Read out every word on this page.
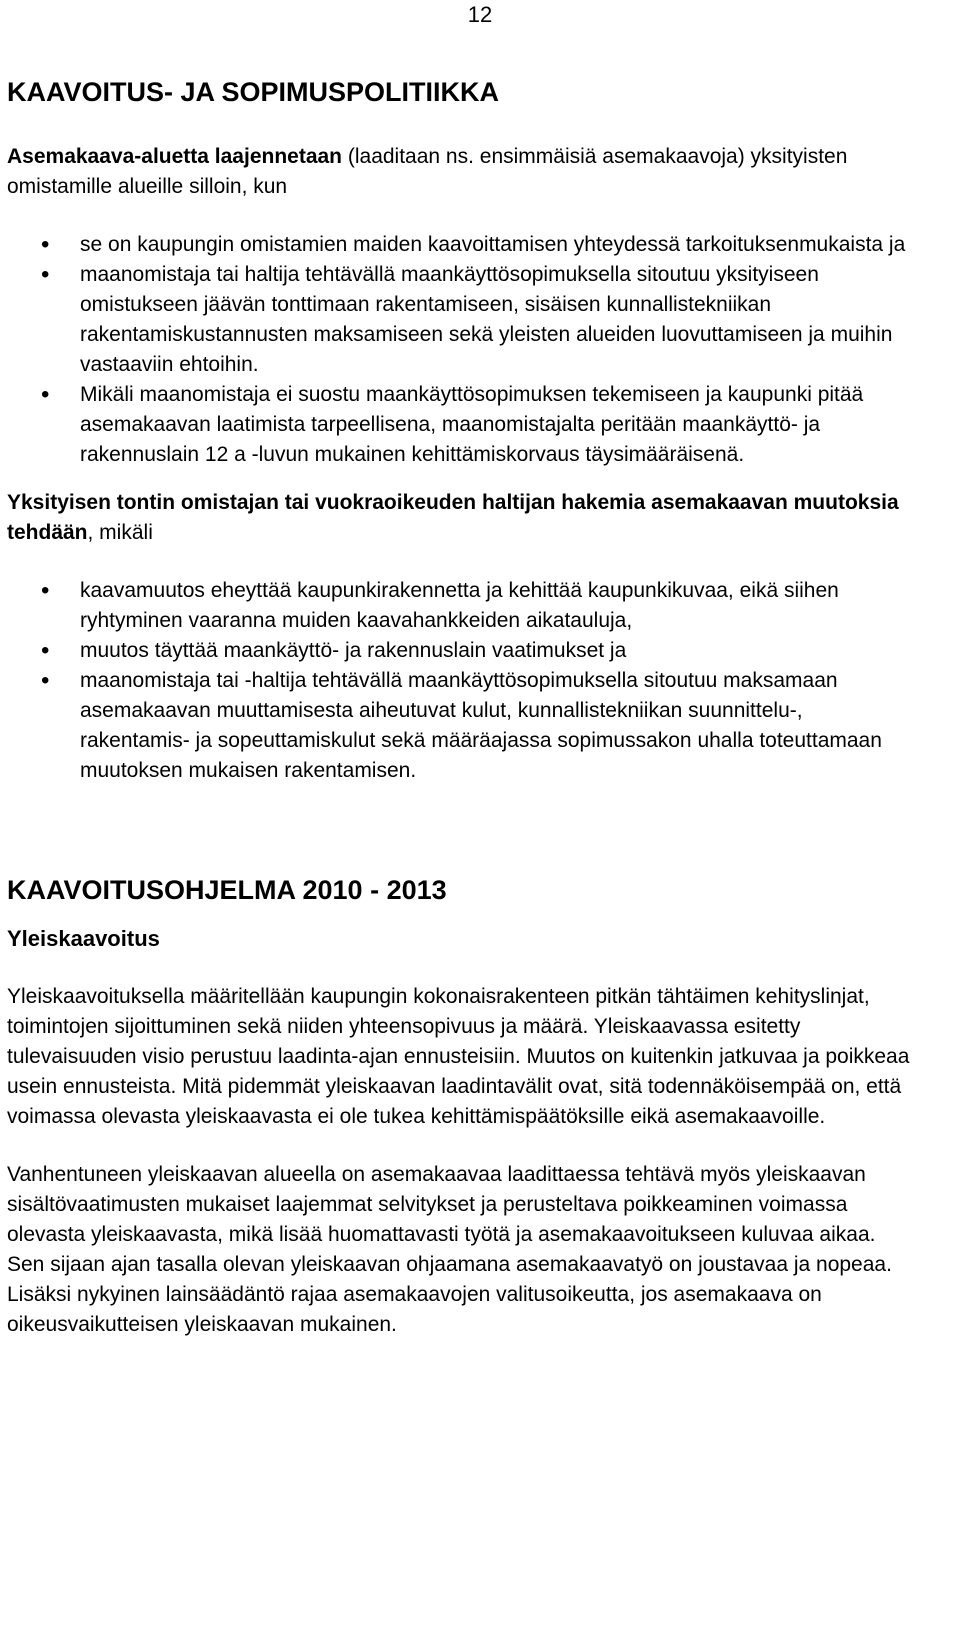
12
KAAVOITUS- JA SOPIMUSPOLITIIKKA

Asemakaava-aluetta laajennetaan (laaditaan ns. ensimmäisiä asemakaavoja) yksityisten omistamille alueille silloin, kun

• se on kaupungin omistamien maiden kaavoittamisen yhteydessä tarkoituksenmukaista ja
• maanomistaja tai haltija tehtävällä maankäyttösopimuksella sitoutuu yksityiseen omistukseen jäävän tonttimaan rakentamiseen, sisäisen kunnallistekniikan rakentamiskustannusten maksamiseen sekä yleisten alueiden luovuttamiseen ja muihin vastaaviin ehtoihin.
• Mikäli maanomistaja ei suostu maankäyttösopimuksen tekemiseen ja kaupunki pitää asemakaavan laatimista tarpeellisena, maanomistajalta peritään maankäyttö- ja rakennuslain 12 a -luvun mukainen kehittämiskorvaus täysimääräisenä.

Yksityisen tontin omistajan tai vuokraoikeuden haltijan hakemia asemakaavan muutoksia tehdään, mikäli

• kaavamuutos eheyttää kaupunkirakennetta ja kehittää kaupunkikuvaa, eikä siihen ryhtyminen vaaranna muiden kaavahankkeiden aikatauluja,
• muutos täyttää maankäyttö- ja rakennuslain vaatimukset ja
• maanomistaja tai -haltija tehtävällä maankäyttösopimuksella sitoutuu maksamaan asemakaavan muuttamisesta aiheutuvat kulut, kunnallistekniikan suunnittelu-, rakentamis- ja sopeuttamiskulut sekä määräajassa sopimussakon uhalla toteuttamaan muutoksen mukaisen rakentamisen.
KAAVOITUSOHJELMA 2010 - 2013
Yleiskaavoitus

Yleiskaavoituksella määritellään kaupungin kokonaisrakenteen pitkän tähtäimen kehityslinjat, toimintojen sijoittuminen sekä niiden yhteensopivuus ja määrä. Yleiskaavassa esitetty tulevaisuuden visio perustuu laadinta-ajan ennusteisiin. Muutos on kuitenkin jatkuvaa ja poikkeaa usein ennusteista. Mitä pidemmät yleiskaavan laadintavälit ovat, sitä todennäköisempää on, että voimassa olevasta yleiskaavasta ei ole tukea kehittämispäätöksille eikä asemakaavoille.

Vanhentuneen yleiskaavan alueella on asemakaavaa laadittaessa tehtävä myös yleiskaavan sisältövaatimusten mukaiset laajemmat selvitykset ja perusteltava poikkeaminen voimassa olevasta yleiskaavasta, mikä lisää huomattavasti työtä ja asemakaavoitukseen kuluvaa aikaa. Sen sijaan ajan tasalla olevan yleiskaavan ohjaamana asemakaavatyö on joustavaa ja nopeaa. Lisäksi nykyinen lainsäädäntö rajaa asemakaavojen valitusoikeutta, jos asemakaava on oikeusvaikutteisen yleiskaavan mukainen.
